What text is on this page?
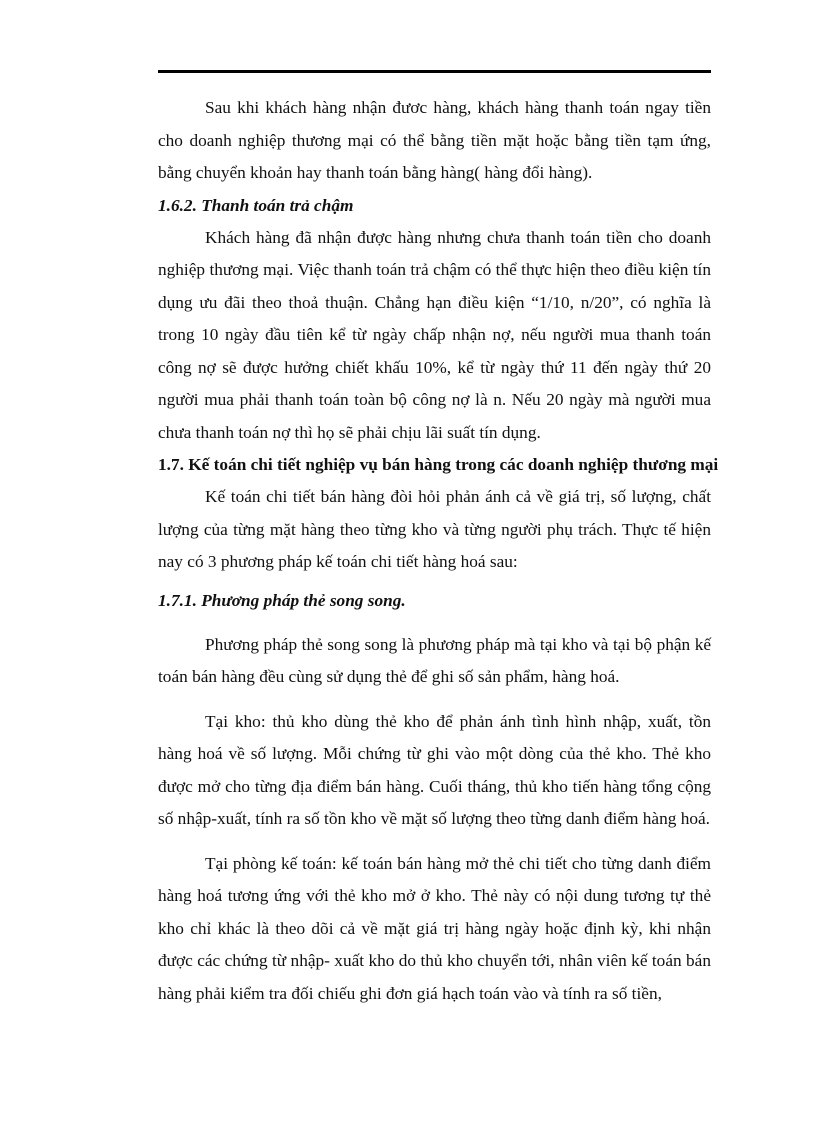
Sau khi khách hàng nhận đươc hàng, khách hàng thanh toán ngay tiền cho doanh nghiệp thương mại có thể bằng tiền mặt hoặc bằng tiền tạm ứng, bằng chuyển khoản hay thanh toán bằng hàng( hàng đổi hàng).

1.6.2. Thanh toán trả chậm

Khách hàng đã nhận được hàng nhưng chưa thanh toán tiền cho doanh nghiệp thương mại. Việc thanh toán trả chậm có thể thực hiện theo điều kiện tín dụng ưu đãi theo thoả thuận. Chẳng hạn điều kiện “1/10, n/20”, có nghĩa là trong 10 ngày đầu tiên kể từ ngày chấp nhận nợ, nếu người mua thanh toán công nợ sẽ được hưởng chiết khấu 10%, kể từ ngày thứ 11 đến ngày thứ 20 người mua phải thanh toán toàn bộ công nợ là n. Nếu 20 ngày mà người mua chưa thanh toán nợ thì họ sẽ phải chịu lãi suất tín dụng.

1.7. Kế toán chi tiết nghiệp vụ bán hàng trong các doanh nghiệp thương mại

Kế toán chi tiết bán hàng đòi hỏi phản ánh cả về giá trị, số lượng, chất lượng của từng mặt hàng theo từng kho và từng người phụ trách. Thực tế hiện nay có 3 phương pháp kế toán chi tiết hàng hoá sau:

1.7.1. Phương pháp thẻ song song.

Phương pháp thẻ song song là phương pháp mà tại kho và tại bộ phận kế toán bán hàng đều cùng sử dụng thẻ để ghi số sản phẩm, hàng hoá.

Tại kho: thủ kho dùng thẻ kho để phản ánh tình hình nhập, xuất, tồn hàng hoá về số lượng. Mỗi chứng từ ghi vào một dòng của thẻ kho. Thẻ kho được mở cho từng địa điểm bán hàng. Cuối tháng, thủ kho tiến hàng tổng cộng số nhập-xuất, tính ra số tồn kho về mặt số lượng theo từng danh điểm hàng hoá.

Tại phòng kế toán: kế toán bán hàng mở thẻ chi tiết cho từng danh điểm hàng hoá tương ứng với thẻ kho mở ở kho. Thẻ này có nội dung tương tự thẻ kho chỉ khác là theo dõi cả về mặt giá trị hàng ngày hoặc định kỳ, khi nhận được các chứng từ nhập- xuất kho do thủ kho chuyển tới, nhân viên kế toán bán hàng phải kiểm tra đối chiếu ghi đơn giá hạch toán vào và tính ra số tiền,
